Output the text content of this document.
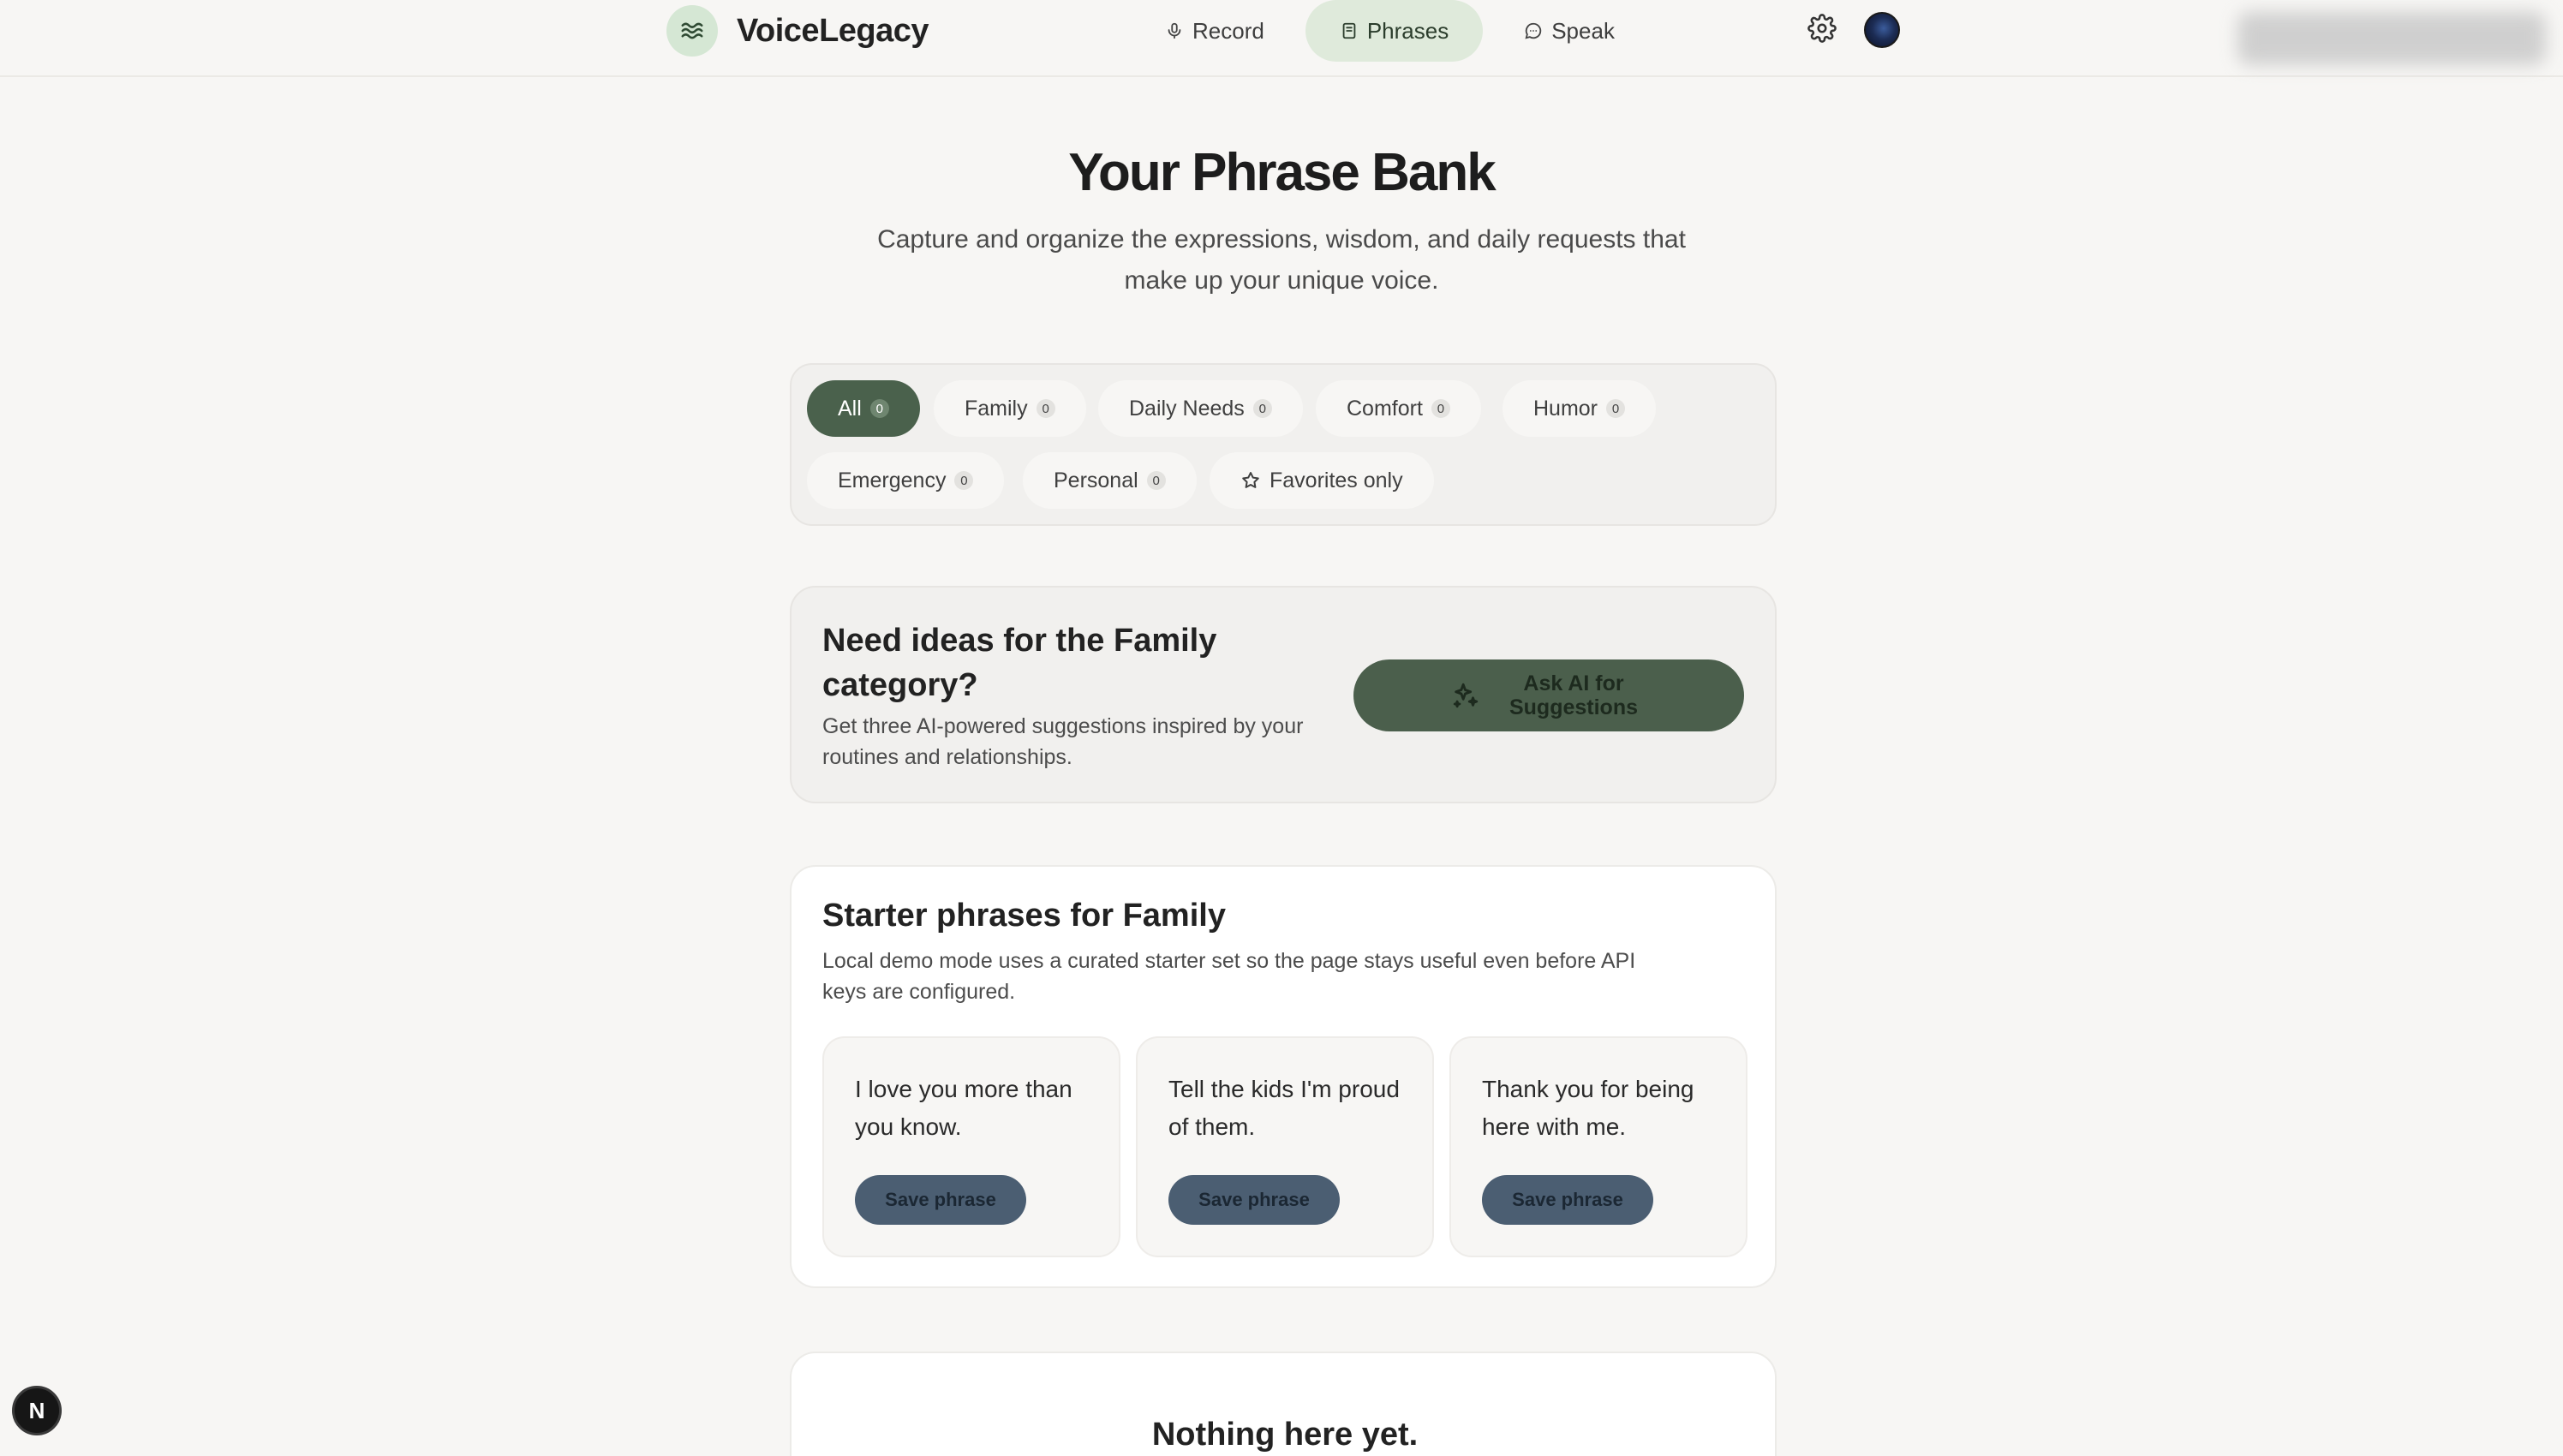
VoiceLegacy	Record	Phrases	Speak
Your Phrase Bank

Capture and organize the expressions, wisdom, and daily requests that make up your unique voice.

All	0	Family	0	Daily Needs	0	Comfort	0	Humor	0
Emergency	0	Personal	0	Favorites only
Need ideas for the Family category?

Get three AI-powered suggestions inspired by your routines and relationships.

Ask AI for Suggestions
Starter phrases for Family

Local demo mode uses a curated starter set so the page stays useful even before API keys are configured.

I love you more than you know.

Save phrase

Tell the kids I'm proud of them.

Save phrase

Thank you for being here with me.

Save phrase
Nothing here yet.
N
